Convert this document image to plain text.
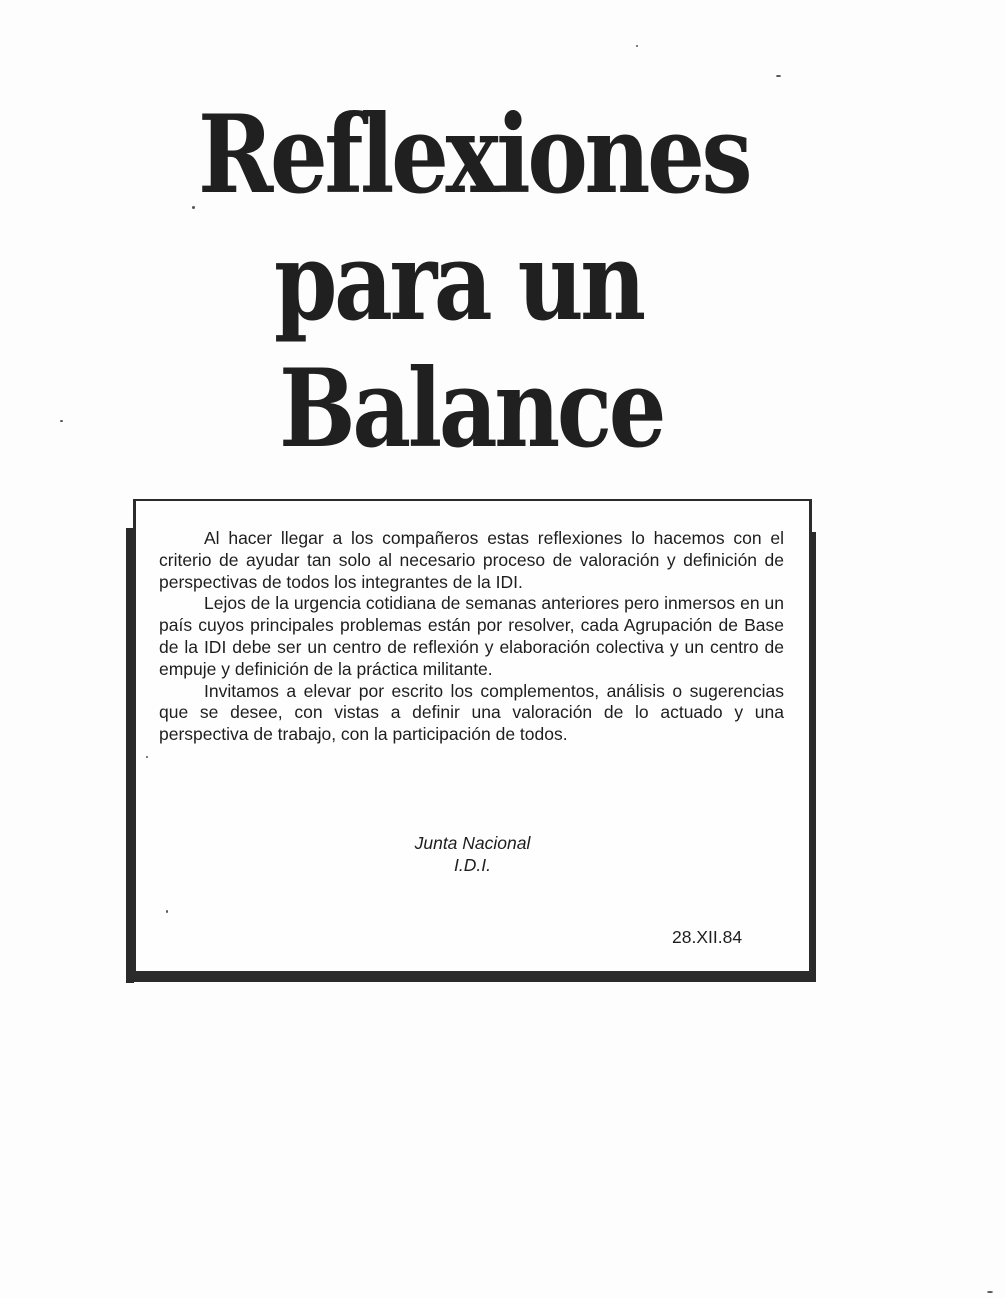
Reflexiones
para un
Balance

Al hacer llegar a los compañeros estas reflexiones lo hacemos con el criterio de ayudar tan solo al necesario proceso de valoración y definición de perspectivas de todos los integrantes de la IDI.

Lejos de la urgencia cotidiana de semanas anteriores pero inmersos en un país cuyos principales problemas están por resolver, cada Agrupación de Base de la IDI debe ser un centro de reflexión y elaboración colectiva y un centro de empuje y definición de la práctica militante.

Invitamos a elevar por escrito los complementos, análisis o sugerencias que se desee, con vistas a definir una valoración de lo actuado y una perspectiva de trabajo, con la participación de todos.

Junta Nacional
I.D.I.
28.XII.84
